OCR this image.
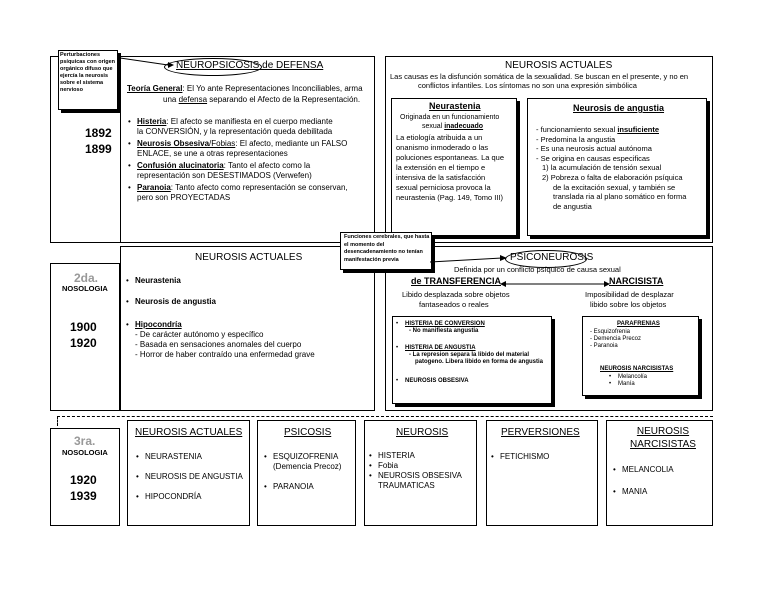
Perturbaciones psíquicas con origen orgánico difuso que ejercía la neurosis sobre el sistema nervioso
NEUROPSICOSIS de DEFENSA
1892
1899
Teoría General: El Yo ante Representaciones Inconciliables, arma
una defensa separando el Afecto de la Representación.
Histeria: El afecto se manifiesta en el cuerpo mediante
la CONVERSIÓN, y la representación queda debilitada
Neurosis Obsesiva/Fobias: El afecto, mediante un FALSO
ENLACE, se une a otras representaciones
Confusión alucinatoria: Tanto el afecto como la
representación son DESESTIMADOS (Verwefen)
Paranoia: Tanto afecto como representación se conservan,
pero son PROYECTADAS
NEUROSIS ACTUALES
Las causas es la disfunción somática de la sexualidad. Se buscan en el presente, y no en
conflictos infantiles. Los síntomas no son una expresión simbólica
Neurastenia
Originada en un funcionamiento
sexual inadecuado
La etiología atribuida a un
onanismo inmoderado o las
poluciones espontaneas. La que
la extensión en el tiempo e
intensiva de la satisfacción
sexual perniciosa provoca la
neurastenia (Pag. 149, Tomo III)
Neurosis de angustia
- funcionamiento sexual insuficiente
- Predomina la angustia
- Es una neurosis actual autónoma
- Se origina en causas especificas
1) la acumulación de tensión sexual
2) Pobreza o falta de elaboración psíquica
de la excitación sexual, y también se
translada ria al plano somático en forma
de angustia
2da.
NOSOLOGIA
1900
1920
NEUROSIS ACTUALES
Neurastenia
Neurosis de angustia
Hipocondría
- De carácter autónomo y específico
- Basada en sensaciones anomales del cuerpo
- Horror de haber contraído una enfermedad grave
Funciones cerebrales, que hasta el momento del desencadenamiento no tenían manifestación previa	PSICONEUROSIS
Definida por un conflicto psíquico de causa sexual
de TRANSFERENCIA	NARCISISTA
Libido desplazada sobre objetos
fantaseados o reales
Imposibilidad de desplazar
libido sobre los objetos
HISTERIA DE CONVERSION
- No manifiesta angustia
HISTERIA DE ANGUSTIA
- La represion separa la libido del material
patogeno. Libera libido en forma de angustia
NEUROSIS OBSESIVA
PARAFRENIAS
- Esquizofrenia
- Demencia Precoz
- Paranoia
NEUROSIS NARCISISTAS
Melancolía
Manía
3ra.
NOSOLOGIA
1920
1939
NEUROSIS ACTUALES
NEURASTENIA
NEUROSIS DE ANGUSTIA
HIPOCONDRÍA
PSICOSIS
ESQUIZOFRENIA (Demencia Precoz)
PARANOIA
NEUROSIS
HISTERIA
Fobia
NEUROSIS OBSESIVA
TRAUMATICAS
PERVERSIONES
FETICHISMO
NEUROSIS NARCISISTAS
MELANCOLIA
MANIA
